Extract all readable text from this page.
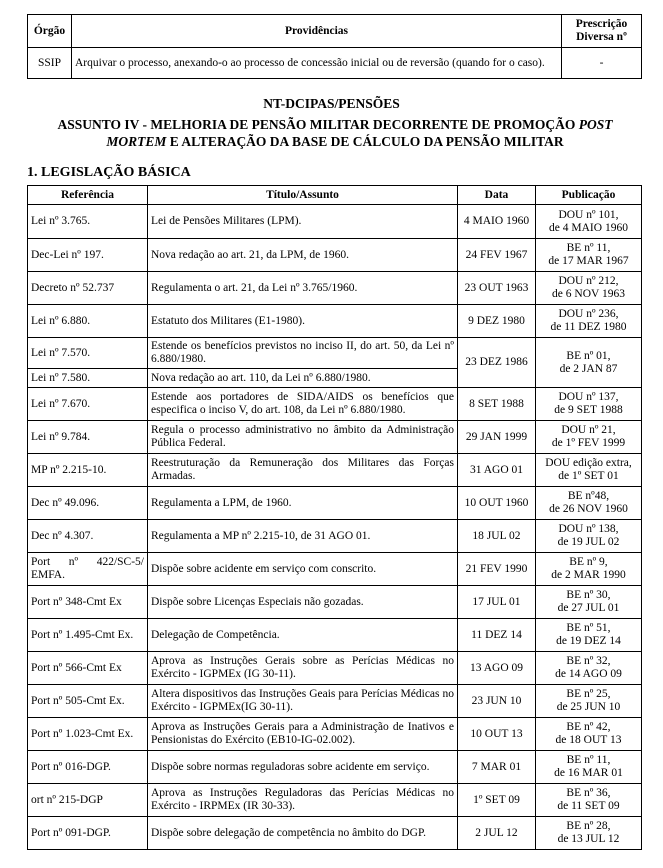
Órgão	Providências	Prescrição Diversa nº
SSIP	Arquivar o processo, anexando-o ao processo de concessão inicial ou de reversão (quando for o caso).	-
NT-DCIPAS/PENSÕES
ASSUNTO IV - MELHORIA DE PENSÃO MILITAR DECORRENTE DE PROMOÇÃO POST MORTEM E ALTERAÇÃO DA BASE DE CÁLCULO DA PENSÃO MILITAR
1. LEGISLAÇÃO BÁSICA
Referência	Título/Assunto	Data	Publicação
Lei nº 3.765.	Lei de Pensões Militares (LPM).	4 MAIO 1960	DOU nº 101,
de 4 MAIO 1960
Dec-Lei nº 197.	Nova redação ao art. 21, da LPM, de 1960.	24 FEV 1967	BE nº 11,
de 17 MAR 1967
Decreto nº 52.737	Regulamenta o art. 21, da Lei nº 3.765/1960.	23 OUT 1963	DOU nº 212,
de 6 NOV 1963
Lei nº 6.880.	Estatuto dos Militares (E1-1980).	9 DEZ 1980	DOU nº 236,
de 11 DEZ 1980
Lei nº 7.570.	Estende os benefícios previstos no inciso II, do art. 50, da Lei nº 6.880/1980.	23 DEZ 1986	BE nº 01,
de 2 JAN 87
Lei nº 7.580.	Nova redação ao art. 110, da Lei nº 6.880/1980.		
Lei nº 7.670.	Estende aos portadores de SIDA/AIDS os benefícios que especifica o inciso V, do art. 108, da Lei nº 6.880/1980.	8 SET 1988	DOU nº 137,
de 9 SET 1988
Lei nº 9.784.	Regula o processo administrativo no âmbito da Administração Pública Federal.	29 JAN 1999	DOU nº 21,
de 1º FEV 1999
MP nº 2.215-10.	Reestruturação da Remuneração dos Militares das Forças Armadas.	31 AGO 01	DOU edição extra,
de 1º SET 01
Dec nº 49.096.	Regulamenta a LPM, de 1960.	10 OUT 1960	BE nº48,
de 26 NOV 1960
Dec nº 4.307.	Regulamenta a MP nº 2.215-10, de 31 AGO 01.	18 JUL 02	DOU nº 138,
de 19 JUL 02
Port nº 422/SC-5/ EMFA.	Dispõe sobre acidente em serviço com conscrito.	21 FEV 1990	BE nº 9,
de 2 MAR 1990
Port nº 348-Cmt Ex	Dispõe sobre Licenças Especiais não gozadas.	17 JUL 01	BE nº 30,
de 27 JUL 01
Port nº 1.495-Cmt Ex.	Delegação de Competência.	11 DEZ 14	BE nº 51,
de 19 DEZ 14
Port nº 566-Cmt Ex	Aprova as Instruções Gerais sobre as Perícias Médicas no Exército - IGPMEx (IG 30-11).	13 AGO 09	BE nº 32,
de 14 AGO 09
Port nº 505-Cmt Ex.	Altera dispositivos das Instruções Geais para Perícias Médicas no Exército - IGPMEx(IG 30-11).	23 JUN 10	BE nº 25,
de 25 JUN 10
Port nº 1.023-Cmt Ex.	Aprova as Instruções Gerais para a Administração de Inativos e Pensionistas do Exército (EB10-IG-02.002).	10 OUT 13	BE nº 42,
de 18 OUT 13
Port nº 016-DGP.	Dispõe sobre normas reguladoras sobre acidente em serviço.	7 MAR 01	BE nº 11,
de 16 MAR 01
ort nº 215-DGP	Aprova as Instruções Reguladoras das Perícias Médicas no Exército - IRPMEx (IR 30-33).	1º SET 09	BE nº 36,
de 11 SET 09
Port nº 091-DGP.	Dispõe sobre delegação de competência no âmbito do DGP.	2 JUL 12	BE nº 28,
de 13 JUL 12
